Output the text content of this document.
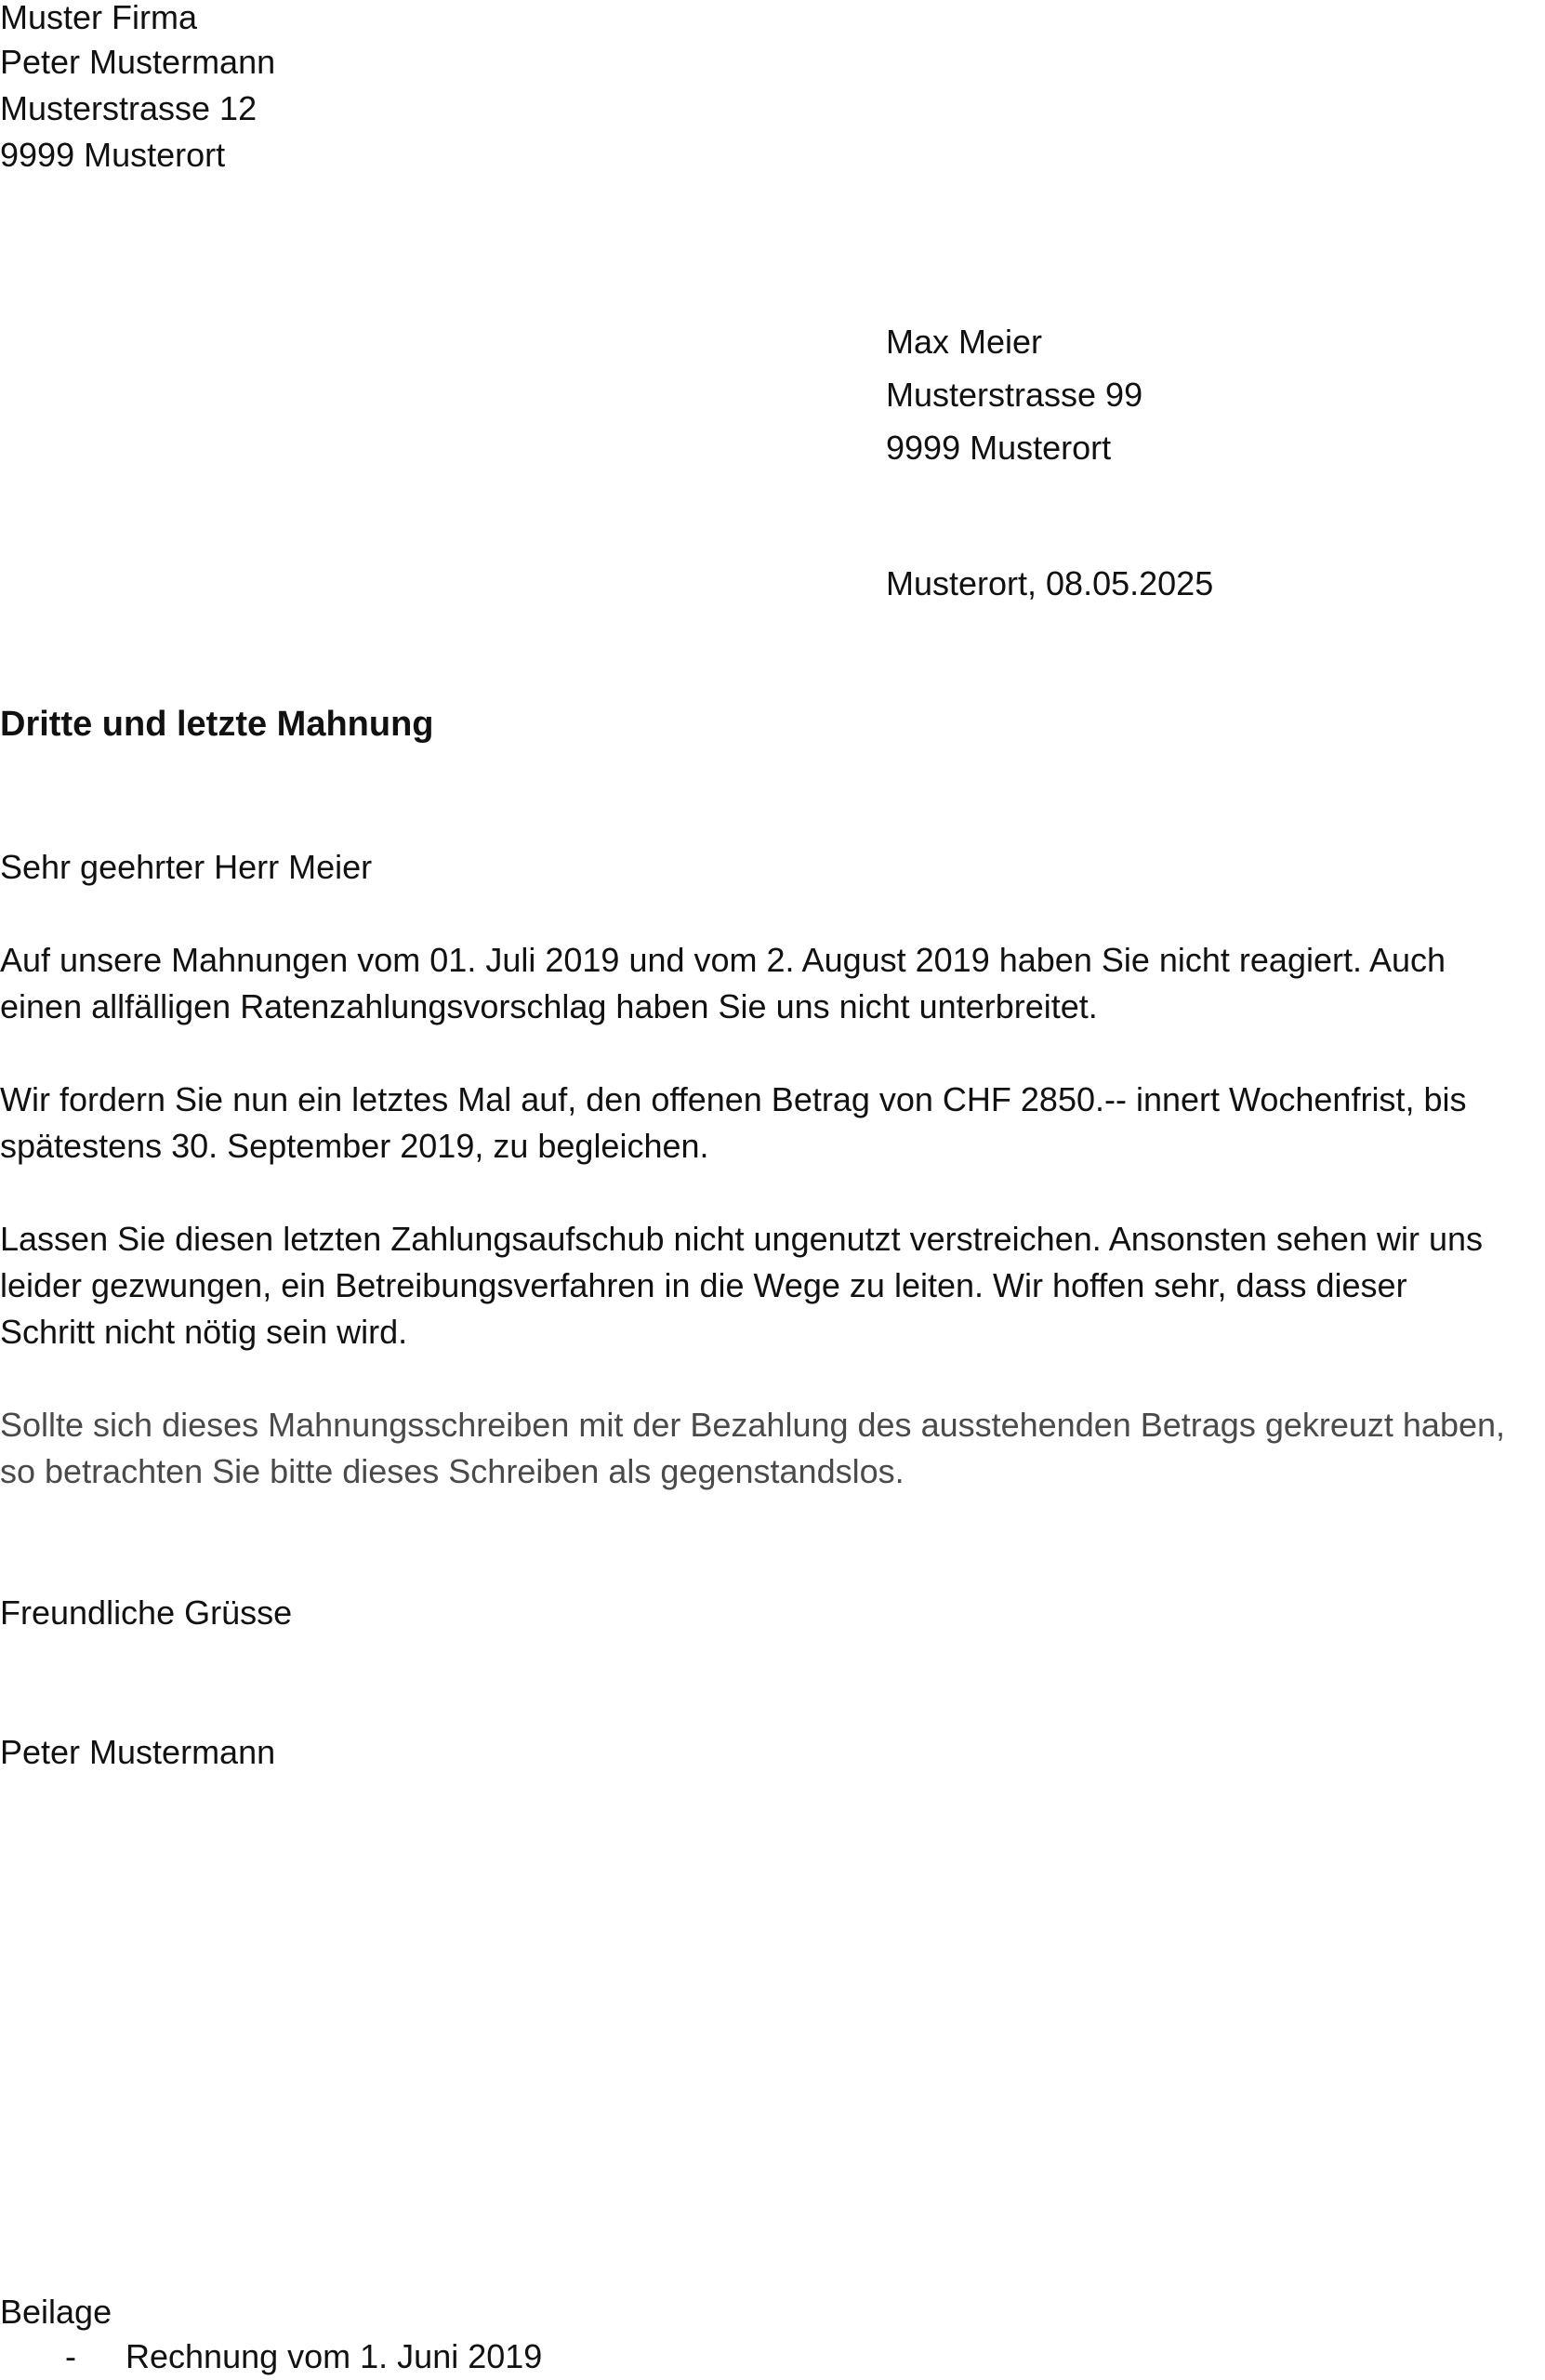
Muster Firma
Peter Mustermann
Musterstrasse 12
9999 Musterort
Max Meier
Musterstrasse 99
9999 Musterort
Musterort, 08.05.2025
Dritte und letzte Mahnung
Sehr geehrter Herr Meier
Auf unsere Mahnungen vom 01. Juli 2019 und vom 2. August 2019 haben Sie nicht reagiert. Auch
einen allfälligen Ratenzahlungsvorschlag haben Sie uns nicht unterbreitet.
Wir fordern Sie nun ein letztes Mal auf, den offenen Betrag von CHF 2850.-- innert Wochenfrist, bis
spätestens 30. September 2019, zu begleichen.
Lassen Sie diesen letzten Zahlungsaufschub nicht ungenutzt verstreichen. Ansonsten sehen wir uns
leider gezwungen, ein Betreibungsverfahren in die Wege zu leiten. Wir hoffen sehr, dass dieser
Schritt nicht nötig sein wird.
Sollte sich dieses Mahnungsschreiben mit der Bezahlung des ausstehenden Betrags gekreuzt haben,
so betrachten Sie bitte dieses Schreiben als gegenstandslos.
Freundliche Grüsse
Peter Mustermann
Beilage
- Rechnung vom 1. Juni 2019
